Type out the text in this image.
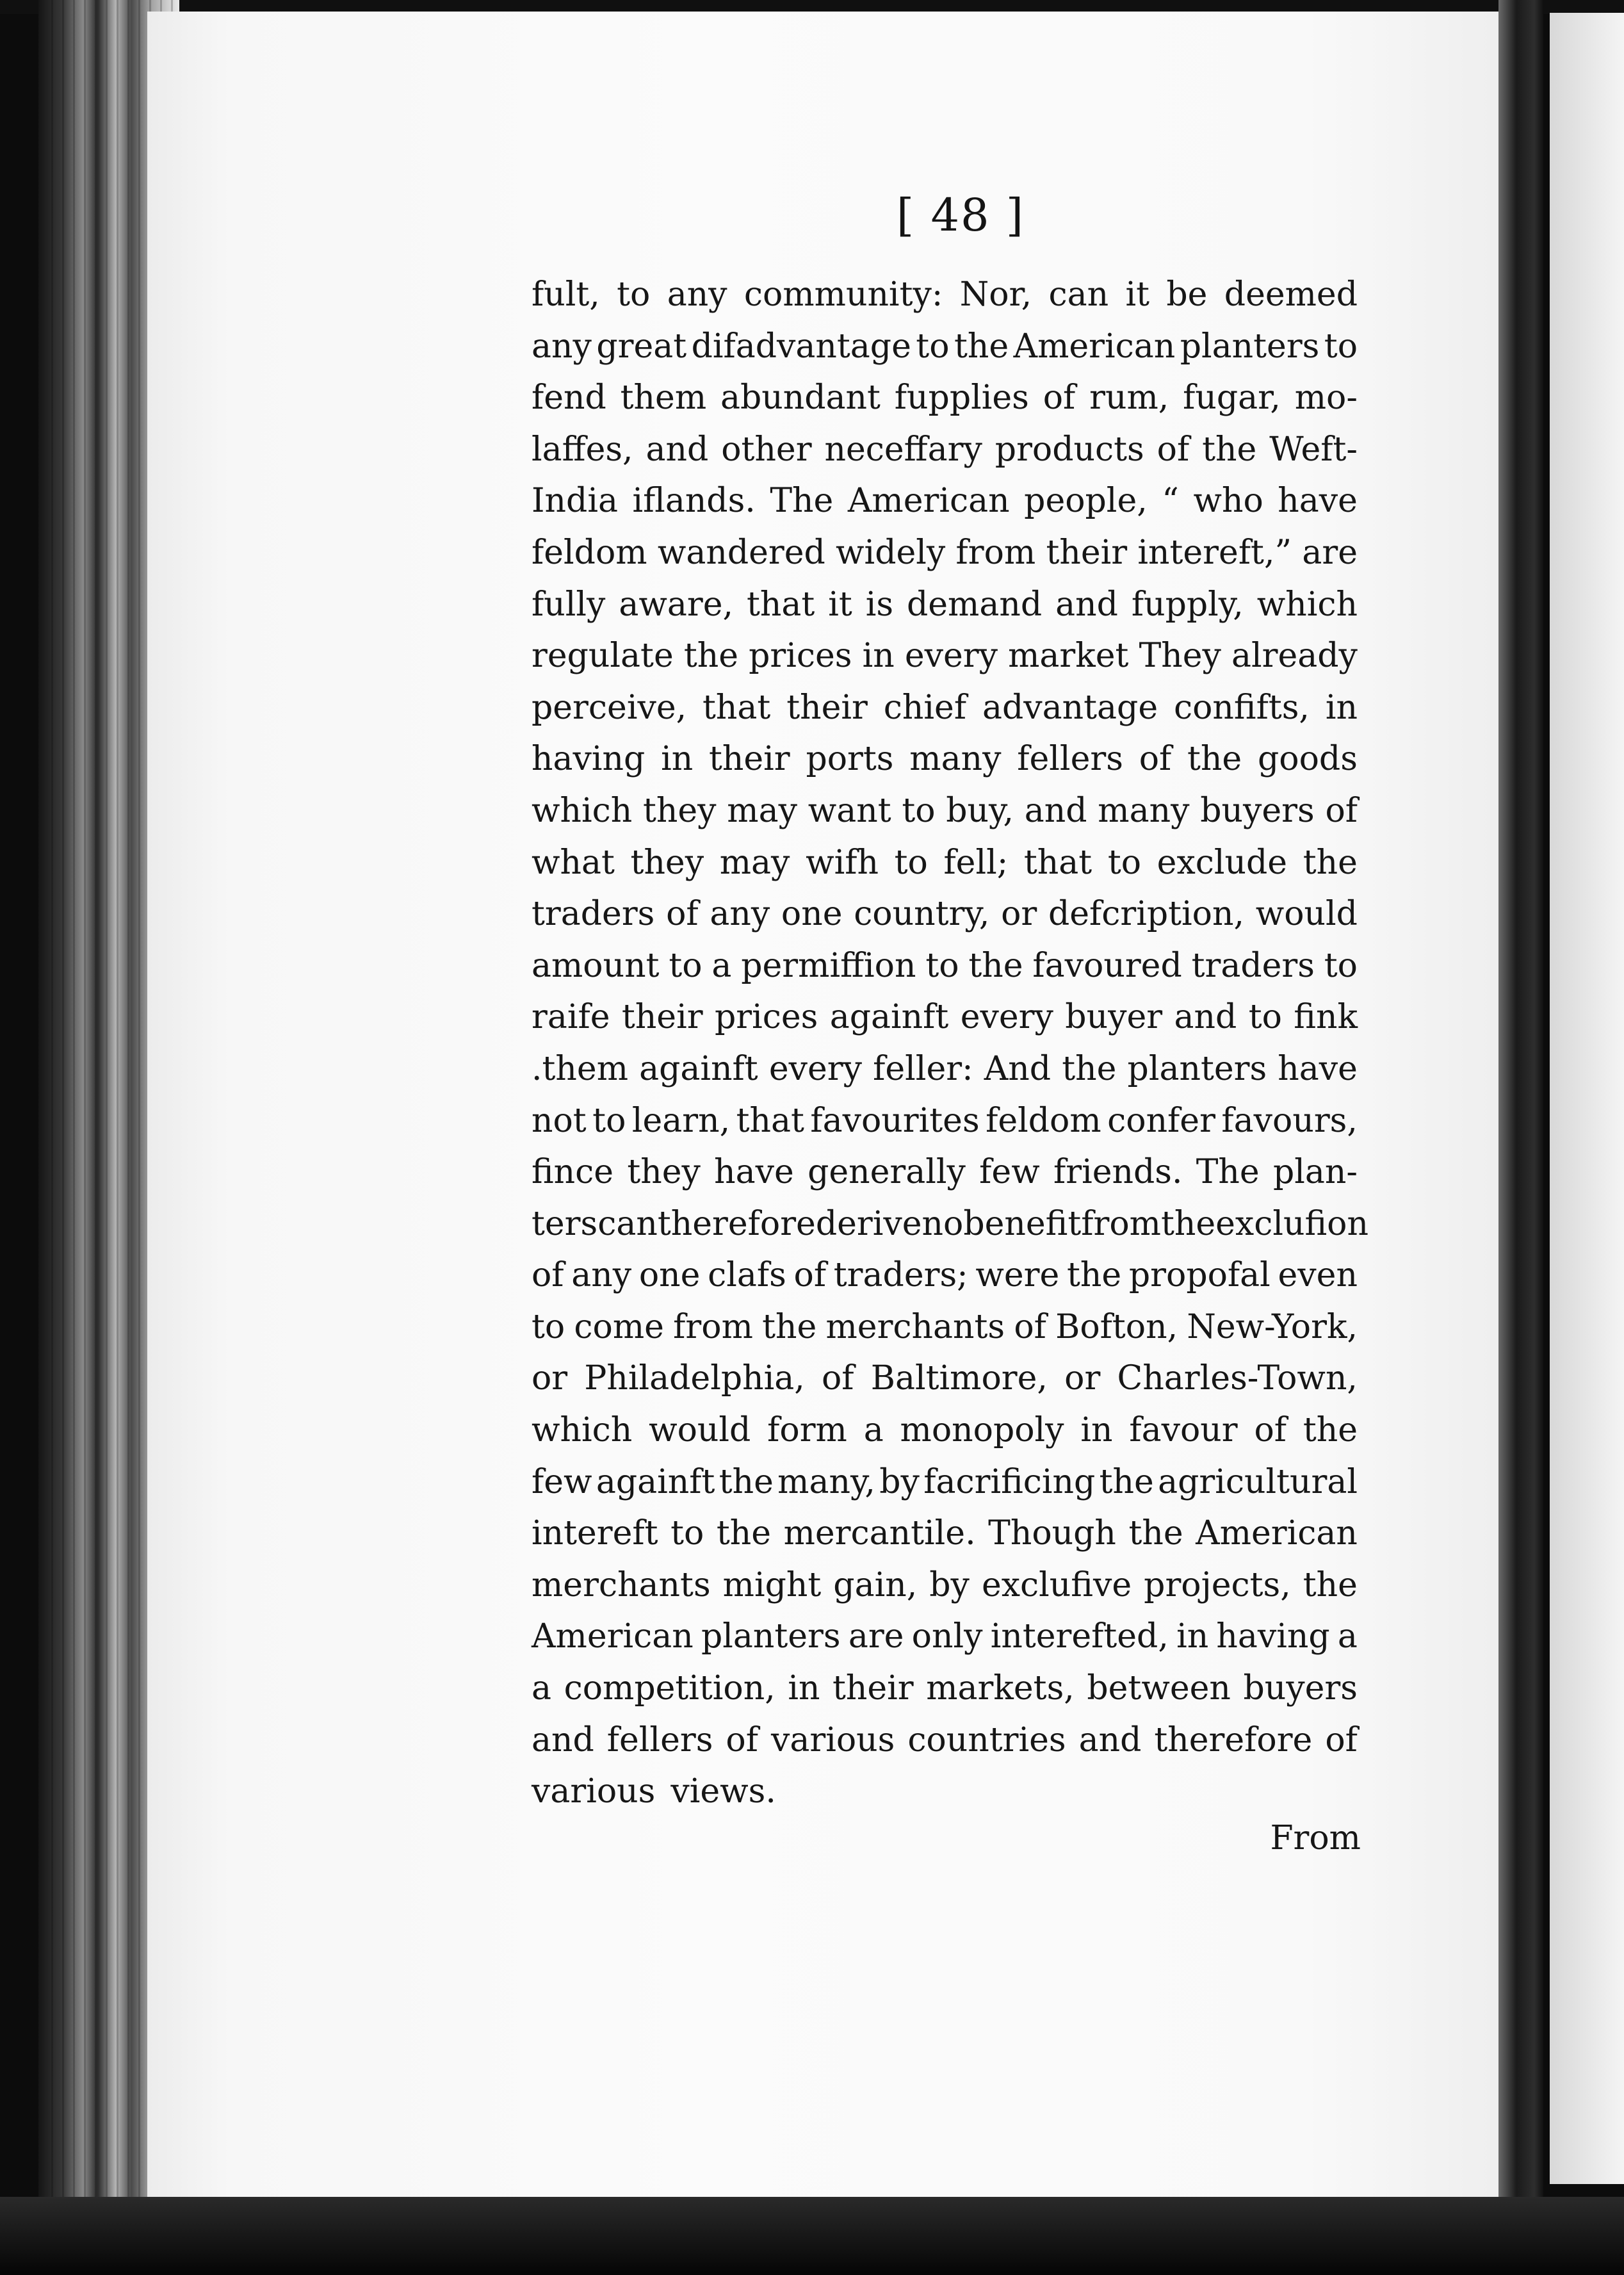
[ 48 ]
fult, to any community: Nor, can it be deemed
any great difadvantage to the American planters to
fend them abundant fupplies of rum, fugar, mo-
laffes, and other neceffary products of the Weft-
India iflands. The American people, “ who have
feldom wandered widely from their intereft,” are
fully aware, that it is demand and fupply, which
regulate the prices in every market They already
perceive, that their chief advantage confifts, in
having in their ports many fellers of the goods
which they may want to buy, and many buyers of
what they may wifh to fell; that to exclude the
traders of any one country, or defcription, would
amount to a permiffion to the favoured traders to
raife their prices againft every buyer and to fink
.them againft every feller: And the planters have
not to learn, that favourites feldom confer favours,
fince they have generally few friends. The plan-
ters can therefore derive no benefit from the exclufion
of any one clafs of traders; were the propofal even
to come from the merchants of Bofton, New-York,
or Philadelphia, of Baltimore, or Charles-Town,
which would form a monopoly in favour of the
few againft the many, by facrificing the agricultural
intereft to the mercantile. Though the American
merchants might gain, by exclufive projects, the
American planters are only interefted, in having a
a competition, in their markets, between buyers
and fellers of various countries and therefore of
various views.
From
